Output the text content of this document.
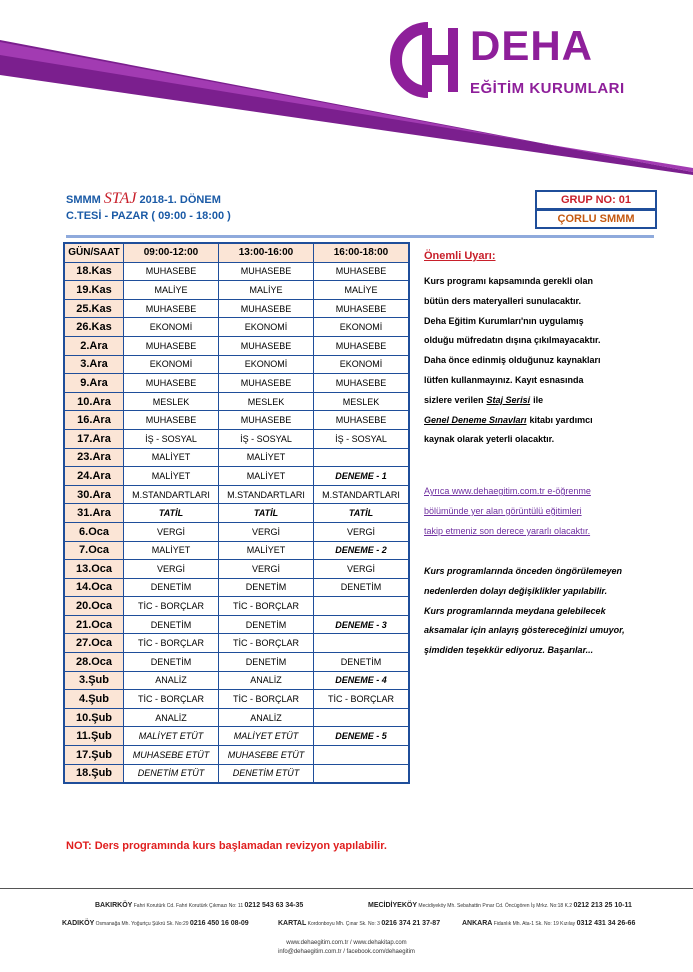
DEHA
EĞİTİM KURUMLARI
SMMM STAJ 2018-1. DÖNEM
C.TESİ - PAZAR ( 09:00 - 18:00 )
GRUP NO: 01
ÇORLU SMMM
GÜN/SAAT	09:00-12:00	13:00-16:00	16:00-18:00
18.Kas	MUHASEBE	MUHASEBE	MUHASEBE
19.Kas	MALİYE	MALİYE	MALİYE
25.Kas	MUHASEBE	MUHASEBE	MUHASEBE
26.Kas	EKONOMİ	EKONOMİ	EKONOMİ
2.Ara	MUHASEBE	MUHASEBE	MUHASEBE
3.Ara	EKONOMİ	EKONOMİ	EKONOMİ
9.Ara	MUHASEBE	MUHASEBE	MUHASEBE
10.Ara	MESLEK	MESLEK	MESLEK
16.Ara	MUHASEBE	MUHASEBE	MUHASEBE
17.Ara	İŞ - SOSYAL	İŞ - SOSYAL	İŞ - SOSYAL
23.Ara	MALİYET	MALİYET	
24.Ara	MALİYET	MALİYET	DENEME - 1
30.Ara	M.STANDARTLARI	M.STANDARTLARI	M.STANDARTLARI
31.Ara	TATİL	TATİL	TATİL
6.Oca	VERGİ	VERGİ	VERGİ
7.Oca	MALİYET	MALİYET	DENEME - 2
13.Oca	VERGİ	VERGİ	VERGİ
14.Oca	DENETİM	DENETİM	DENETİM
20.Oca	TİC - BORÇLAR	TİC - BORÇLAR	
21.Oca	DENETİM	DENETİM	DENEME - 3
27.Oca	TİC - BORÇLAR	TİC - BORÇLAR	
28.Oca	DENETİM	DENETİM	DENETİM
3.Şub	ANALİZ	ANALİZ	DENEME - 4
4.Şub	TİC - BORÇLAR	TİC - BORÇLAR	TİC - BORÇLAR
10.Şub	ANALİZ	ANALİZ	
11.Şub	MALİYET ETÜT	MALİYET ETÜT	DENEME - 5
17.Şub	MUHASEBE ETÜT	MUHASEBE ETÜT	
18.Şub	DENETİM ETÜT	DENETİM ETÜT	
Önemli Uyarı:
Kurs programı kapsamında gerekli olan
bütün ders materyalleri sunulacaktır.
Deha Eğitim Kurumları'nın uygulamış
olduğu müfredatın dışına çıkılmayacaktır.
Daha önce edinmiş olduğunuz kaynakları
lütfen kullanmayınız. Kayıt esnasında
sizlere verilen Staj Serisi ile
Genel Deneme Sınavları kitabı yardımcı
kaynak olarak yeterli olacaktır.
Ayrıca www.dehaegitim.com.tr e-öğrenme
bölümünde yer alan görüntülü eğitimleri
takip etmeniz son derece yararlı olacaktır.
Kurs programlarında önceden öngörülemeyen
nedenlerden dolayı değişiklikler yapılabilir.
Kurs programlarında meydana gelebilecek
aksamalar için anlayış göstereceğinizi umuyor,
şimdiden teşekkür ediyoruz. Başarılar...
NOT: Ders programında kurs başlamadan revizyon yapılabilir.
BAKIRKÖY Fahri Korutürk Cd. Fahri Korutürk Çıkmazı No: 11 0212 543 63 34-35	MECİDİYEKÖY Mecidiyeköy Mh. Sebahattin Pınar Cd. Öncügören İş Mrkz. No:18 K.2 0212 213 25 10-11
KADIKÖY Osmanağa Mh. Yoğurtçu Şükrü Sk. No:29 0216 450 16 08-09	KARTAL Kordonboyu Mh. Çınar Sk. No: 3 0216 374 21 37-87	ANKARA Fidanlık Mh. Ata-1 Sk. No: 19 Kızılay 0312 431 34 26-66
www.dehaegitim.com.tr / www.dehakitap.com
info@dehaegitim.com.tr / facebook.com/dehaegitim
